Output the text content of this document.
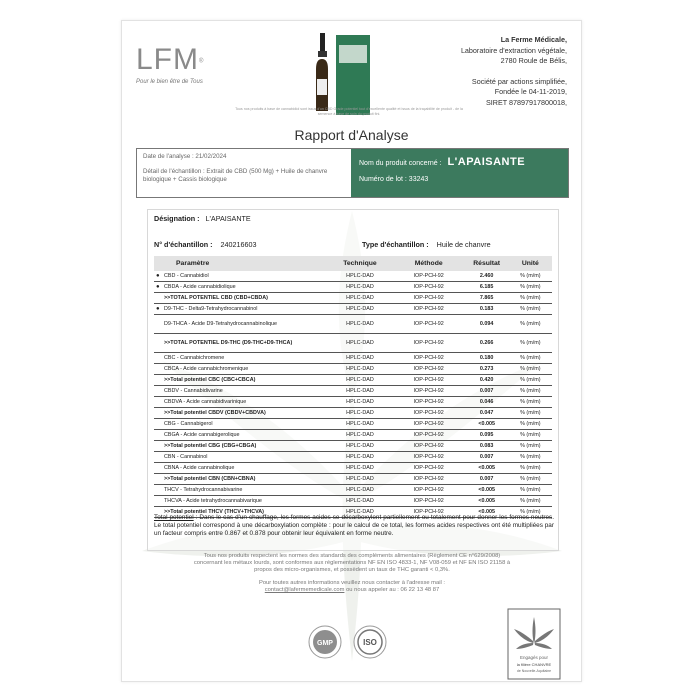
LFM®
Pour le bien être de Tous
Tous nos produits à base de cannabidiol sont issus d'un CBD Grade potentiel tout d'excellente qualité et issus de la traçabilité de produit - de la semence à base de soin du produit fini.
La Ferme Médicale,
Laboratoire d'extraction végétale,
2780 Roule de Bélis,
Société par actions simplifiée,
Fondée le 04-11-2019,
SIRET 87897917800018,
Rapport d'Analyse
Date de l'analyse : 21/02/2024
Détail de l'échantillon : Extrait de CBD (500 Mg) + Huile de chanvre biologique + Cassis biologique
Nom du produit concerné : L'APAISANTE
Numéro de lot : 33243
Désignation : L'APAISANTE
N° d'échantillon : 240216603	Type d'échantillon : Huile de chanvre
Paramètre	Technique	Méthode	Résultat	Unité
● CBD - Cannabidiol	HPLC-DAD	IOP-PCH-92	2.460	% (m/m)
● CBDA - Acide cannabidiolique	HPLC-DAD	IOP-PCH-92	6.185	% (m/m)
>>TOTAL POTENTIEL CBD (CBD+CBDA)	HPLC-DAD	IOP-PCH-92	7.865	% (m/m)
● D9-THC - Delta9-Tetrahydrocannabinol	HPLC-DAD	IOP-PCH-92	0.183	% (m/m)
D9-THCA - Acide D9-Tetrahydrocannabinolique	HPLC-DAD	IOP-PCH-92	0.094	% (m/m)
>>TOTAL POTENTIEL D9-THC (D9-THC+D9-THCA)	HPLC-DAD	IOP-PCH-92	0.266	% (m/m)
CBC - Cannabichromene	HPLC-DAD	IOP-PCH-92	0.180	% (m/m)
CBCA - Acide cannabichromenique	HPLC-DAD	IOP-PCH-92	0.273	% (m/m)
>>Total potentiel CBC (CBC+CBCA)	HPLC-DAD	IOP-PCH-92	0.420	% (m/m)
CBDV - Cannabidivarine	HPLC-DAD	IOP-PCH-92	0.007	% (m/m)
CBDVA - Acide cannabidivarinique	HPLC-DAD	IOP-PCH-92	0.046	% (m/m)
>>Total potentiel CBDV (CBDV+CBDVA)	HPLC-DAD	IOP-PCH-92	0.047	% (m/m)
CBG - Cannabigerol	HPLC-DAD	IOP-PCH-92	<0.005	% (m/m)
CBGA - Acide cannabigerolique	HPLC-DAD	IOP-PCH-92	0.095	% (m/m)
>>Total potentiel CBG (CBG+CBGA)	HPLC-DAD	IOP-PCH-92	0.083	% (m/m)
CBN - Cannabinol	HPLC-DAD	IOP-PCH-92	0.007	% (m/m)
CBNA - Acide cannabinolique	HPLC-DAD	IOP-PCH-92	<0.005	% (m/m)
>>Total potentiel CBN (CBN+CBNA)	HPLC-DAD	IOP-PCH-92	0.007	% (m/m)
THCV - Tetrahydrocannabivarine	HPLC-DAD	IOP-PCH-92	<0.005	% (m/m)
THCVA - Acide tetrahydrocannabivarique	HPLC-DAD	IOP-PCH-92	<0.005	% (m/m)
>>Total potentiel THCV (THCV+THCVA)	HPLC-DAD	IOP-PCH-92	<0.005	% (m/m)
Total potentiel : Dans le cas d'un chauffage, les formes acides se décarboxylent partiellement ou totalement pour donner les formes neutres. Le total potentiel correspond à une décarboxylation complète : pour le calcul de ce total, les formes acides respectives ont été multipliées par un facteur compris entre 0.867 et 0.878 pour obtenir leur équivalent en forme neutre.
Tous nos produits respectent les normes des standards des compléments alimentaires (Règlement CE n°629/2008) concernant les métaux lourds, sont conformes aux réglementations NF EN ISO 4833-1, NF V08-059 et NF EN ISO 21158 à propos des micro-organismes, et possèdent un taux de THC garanti < 0,3%.
Pour toutes autres informations veuillez nous contacter à l'adresse mail :
contact@lafermemedicale.com ou nous appeler au : 06 22 13 48 87
GMP	ISO
Engagés pour
la filière CHANVRE
de Nouvelle-Aquitaine
